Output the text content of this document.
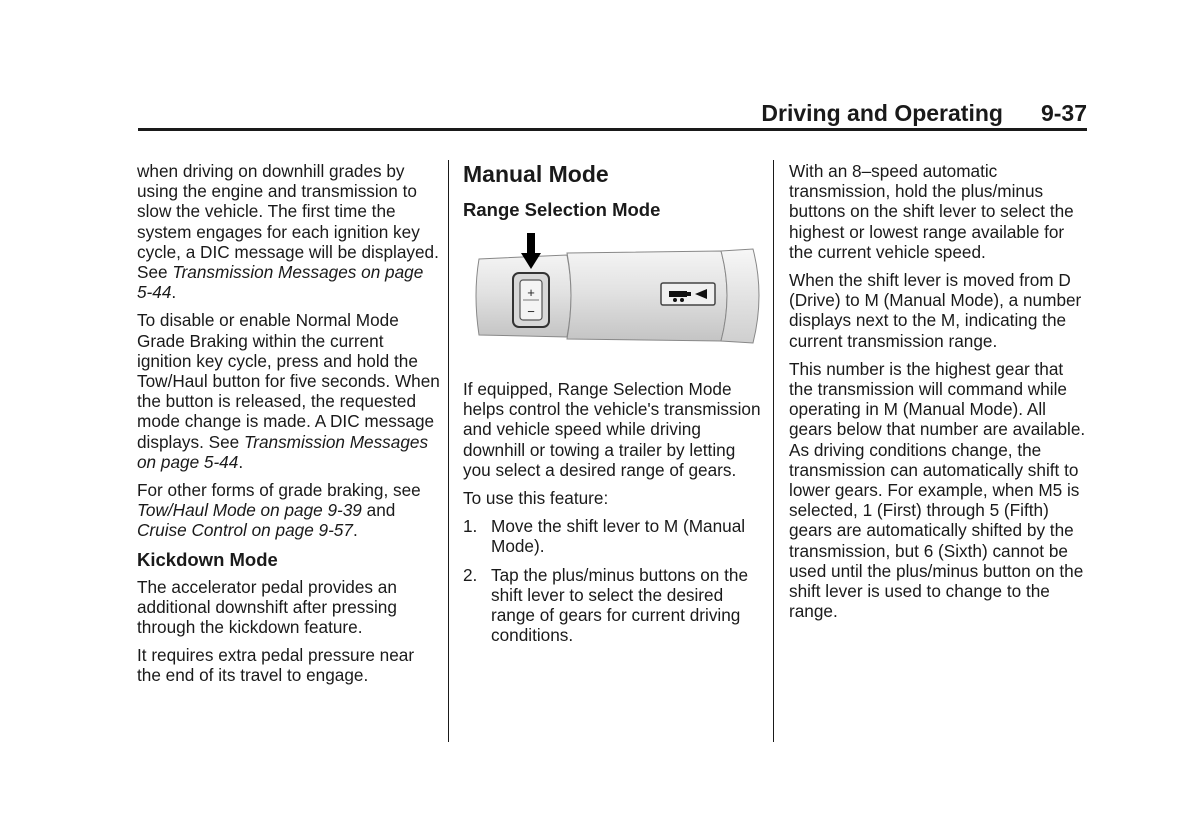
Driving and Operating 9-37

when driving on downhill grades by using the engine and transmission to slow the vehicle. The first time the system engages for each ignition key cycle, a DIC message will be displayed. See Transmission Messages on page 5-44.

To disable or enable Normal Mode Grade Braking within the current ignition key cycle, press and hold the Tow/Haul button for five seconds. When the button is released, the requested mode change is made. A DIC message displays. See Transmission Messages on page 5-44.

For other forms of grade braking, see Tow/Haul Mode on page 9-39 and Cruise Control on page 9-57.

Kickdown Mode

The accelerator pedal provides an additional downshift after pressing through the kickdown feature.

It requires extra pedal pressure near the end of its travel to engage.

Manual Mode
Range Selection Mode
+
−

If equipped, Range Selection Mode helps control the vehicle's transmission and vehicle speed while driving downhill or towing a trailer by letting you select a desired range of gears.

To use this feature:

1. Move the shift lever to M (Manual Mode).
2. Tap the plus/minus buttons on the shift lever to select the desired range of gears for current driving conditions.

With an 8–speed automatic transmission, hold the plus/minus buttons on the shift lever to select the highest or lowest range available for the current vehicle speed.

When the shift lever is moved from D (Drive) to M (Manual Mode), a number displays next to the M, indicating the current transmission range.

This number is the highest gear that the transmission will command while operating in M (Manual Mode). All gears below that number are available. As driving conditions change, the transmission can automatically shift to lower gears. For example, when M5 is selected, 1 (First) through 5 (Fifth) gears are automatically shifted by the transmission, but 6 (Sixth) cannot be used until the plus/minus button on the shift lever is used to change to the range.
